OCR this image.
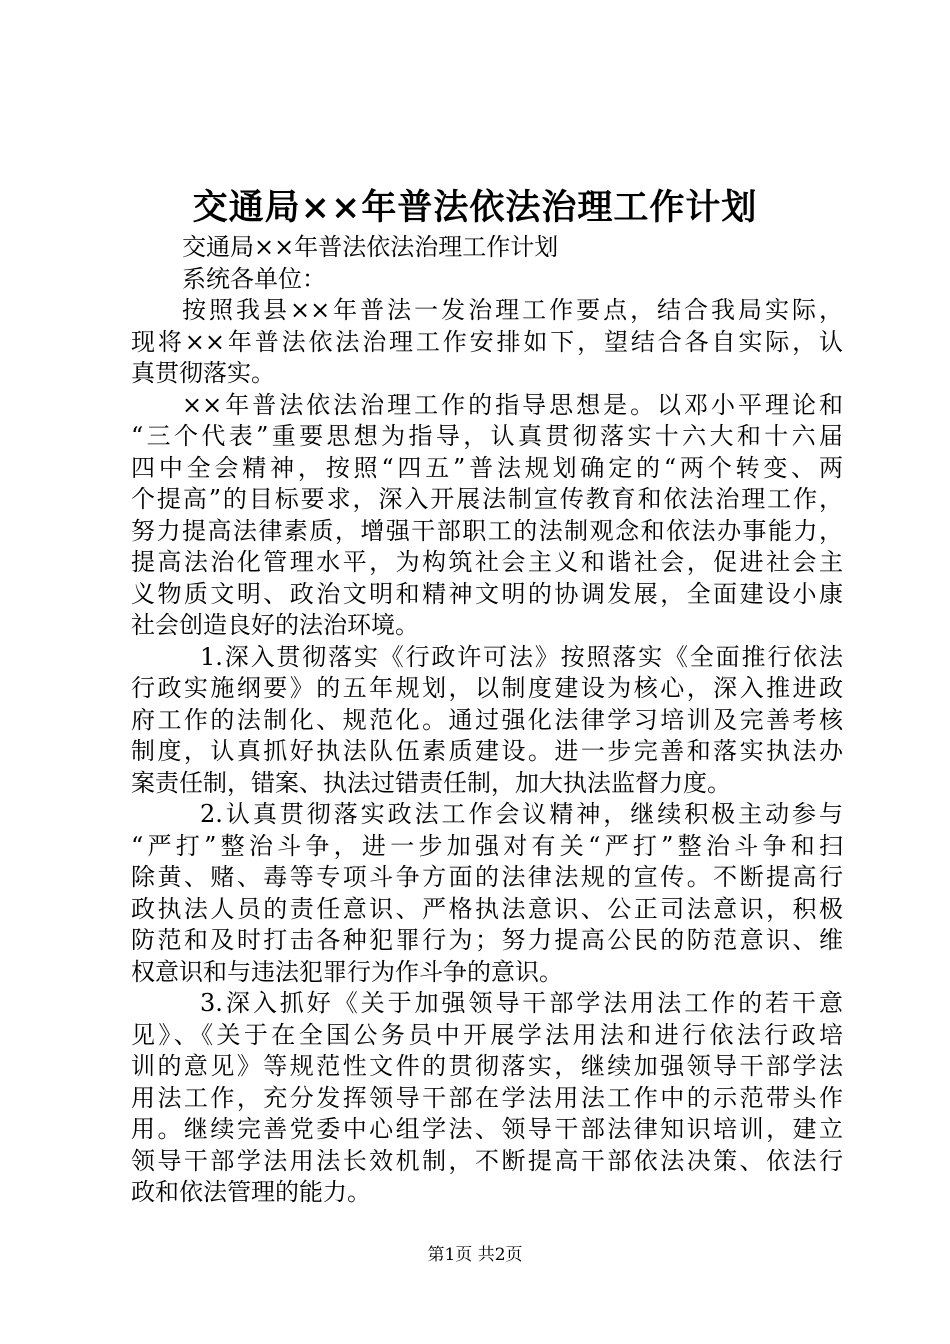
交通局××年普法依法治理工作计划
交通局××年普法依法治理工作计划
系统各单位：
按照我县××年普法一发治理工作要点，结合我局实际，
现将××年普法依法治理工作安排如下，望结合各自实际，认
真贯彻落实。
××年普法依法治理工作的指导思想是。以邓小平理论和
“三个代表”重要思想为指导，认真贯彻落实十六大和十六届
四中全会精神，按照“四五”普法规划确定的“两个转变、两
个提高”的目标要求，深入开展法制宣传教育和依法治理工作，
努力提高法律素质，增强干部职工的法制观念和依法办事能力，
提高法治化管理水平，为构筑社会主义和谐社会，促进社会主
义物质文明、政治文明和精神文明的协调发展，全面建设小康
社会创造良好的法治环境。
1.深入贯彻落实《行政许可法》按照落实《全面推行依法
行政实施纲要》的五年规划，以制度建设为核心，深入推进政
府工作的法制化、规范化。通过强化法律学习培训及完善考核
制度，认真抓好执法队伍素质建设。进一步完善和落实执法办
案责任制，错案、执法过错责任制，加大执法监督力度。
2.认真贯彻落实政法工作会议精神，继续积极主动参与
“严打”整治斗争，进一步加强对有关“严打”整治斗争和扫
除黄、赌、毒等专项斗争方面的法律法规的宣传。不断提高行
政执法人员的责任意识、严格执法意识、公正司法意识，积极
防范和及时打击各种犯罪行为；努力提高公民的防范意识、维
权意识和与违法犯罪行为作斗争的意识。
3.深入抓好《关于加强领导干部学法用法工作的若干意
见》、《关于在全国公务员中开展学法用法和进行依法行政培
训的意见》等规范性文件的贯彻落实，继续加强领导干部学法
用法工作，充分发挥领导干部在学法用法工作中的示范带头作
用。继续完善党委中心组学法、领导干部法律知识培训，建立
领导干部学法用法长效机制，不断提高干部依法决策、依法行
政和依法管理的能力。
第1页 共2页
